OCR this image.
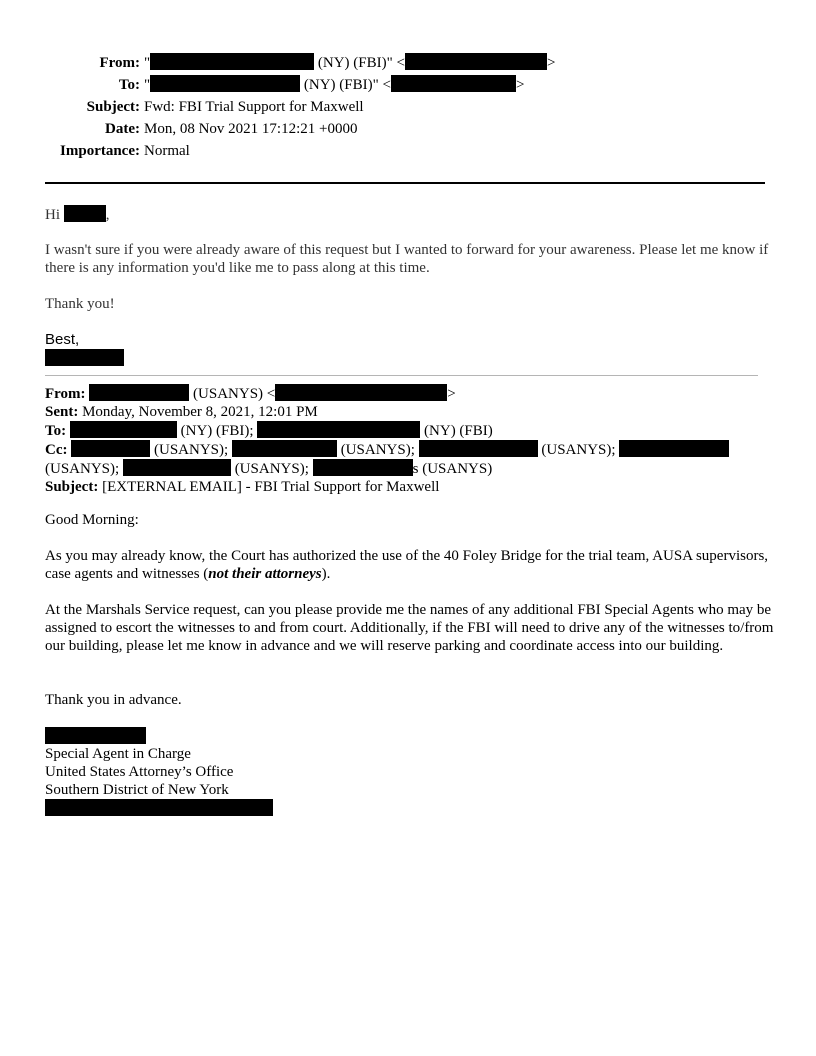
From: "	(NY) (FBI)" <	>
To: "	(NY) (FBI)" <	>
Subject: Fwd: FBI Trial Support for Maxwell
Date: Mon, 08 Nov 2021 17:12:21 +0000
Importance: Normal
Hi	,
I wasn't sure if you were already aware of this request but I wanted to forward for your awareness. Please let me know if there is any information you'd like me to pass along at this time.
Thank you!
Best,
From:	(USANYS) <	>
Sent: Monday, November 8, 2021, 12:01 PM
To:	(NY) (FBI);	(NY) (FBI)
Cc:	(USANYS);	(USANYS);	(USANYS);
(USANYS);	(USANYS);	s (USANYS)
Subject: [EXTERNAL EMAIL] - FBI Trial Support for Maxwell
Good Morning:
As you may already know, the Court has authorized the use of the 40 Foley Bridge for the trial team, AUSA supervisors, case agents and witnesses (not their attorneys).
At the Marshals Service request, can you please provide me the names of any additional FBI Special Agents who may be assigned to escort the witnesses to and from court. Additionally, if the FBI will need to drive any of the witnesses to/from our building, please let me know in advance and we will reserve parking and coordinate access into our building.
Thank you in advance.
Special Agent in Charge
United States Attorney’s Office
Southern District of New York
